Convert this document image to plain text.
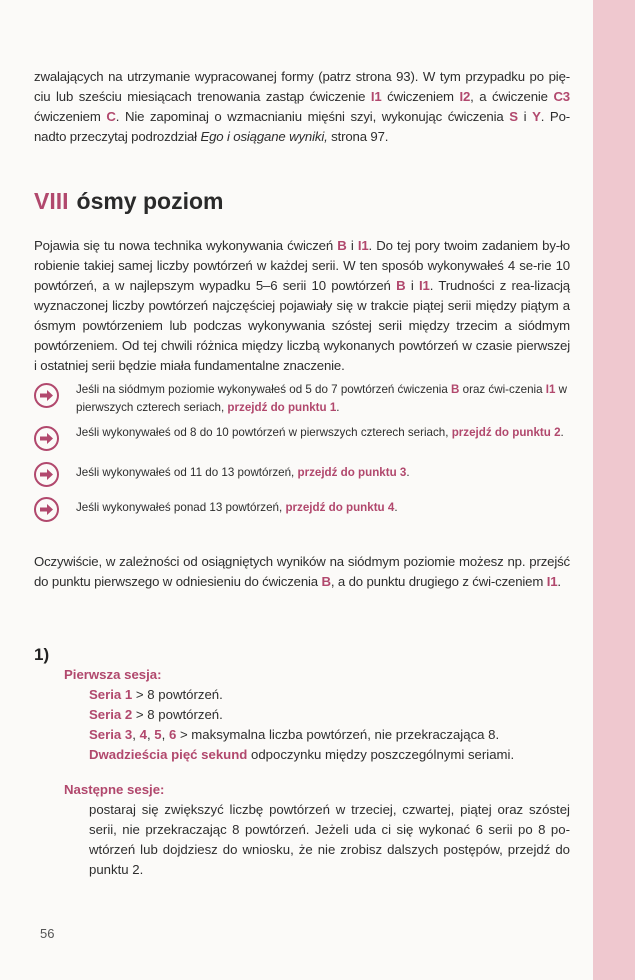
zwalających na utrzymanie wypracowanej formy (patrz strona 93). W tym przypadku po pię-ciu lub sześciu miesiącach trenowania zastąp ćwiczenie I1 ćwiczeniem I2, a ćwiczenie C3 ćwiczeniem C. Nie zapominaj o wzmacnianiu mięśni szyi, wykonując ćwiczenia S i Y. Po-nadto przeczytaj podrozdział Ego i osiągane wyniki, strona 97.

VIII ósmy poziom

Pojawia się tu nowa technika wykonywania ćwiczeń B i I1. Do tej pory twoim zadaniem by-ło robienie takiej samej liczby powtórzeń w każdej serii. W ten sposób wykonywałeś 4 se-rie 10 powtórzeń, a w najlepszym wypadku 5–6 serii 10 powtórzeń B i I1. Trudności z rea-lizacją wyznaczonej liczby powtórzeń najczęściej pojawiały się w trakcie piątej serii między piątym a ósmym powtórzeniem lub podczas wykonywania szóstej serii między trzecim a siódmym powtórzeniem. Od tej chwili różnica między liczbą wykonanych powtórzeń w czasie pierwszej i ostatniej serii będzie miała fundamentalne znaczenie.

Jeśli na siódmym poziomie wykonywałeś od 5 do 7 powtórzeń ćwiczenia B oraz ćwi-czenia I1 w pierwszych czterech seriach, przejdź do punktu 1.
Jeśli wykonywałeś od 8 do 10 powtórzeń w pierwszych czterech seriach, przejdź do punktu 2.
Jeśli wykonywałeś od 11 do 13 powtórzeń, przejdź do punktu 3.
Jeśli wykonywałeś ponad 13 powtórzeń, przejdź do punktu 4.

Oczywiście, w zależności od osiągniętych wyników na siódmym poziomie możesz np. przejść do punktu pierwszego w odniesieniu do ćwiczenia B, a do punktu drugiego z ćwi-czeniem I1.

1)
Pierwsza sesja:
Seria 1 > 8 powtórzeń.
Seria 2 > 8 powtórzeń.
Seria 3, 4, 5, 6 > maksymalna liczba powtórzeń, nie przekraczająca 8.
Dwadzieścia pięć sekund odpoczynku między poszczególnymi seriami.
Następne sesje:
postaraj się zwiększyć liczbę powtórzeń w trzeciej, czwartej, piątej oraz szóstej serii, nie przekraczając 8 powtórzeń. Jeżeli uda ci się wykonać 6 serii po 8 po-wtórzeń lub dojdziesz do wniosku, że nie zrobisz dalszych postępów, przejdź do punktu 2.
56
